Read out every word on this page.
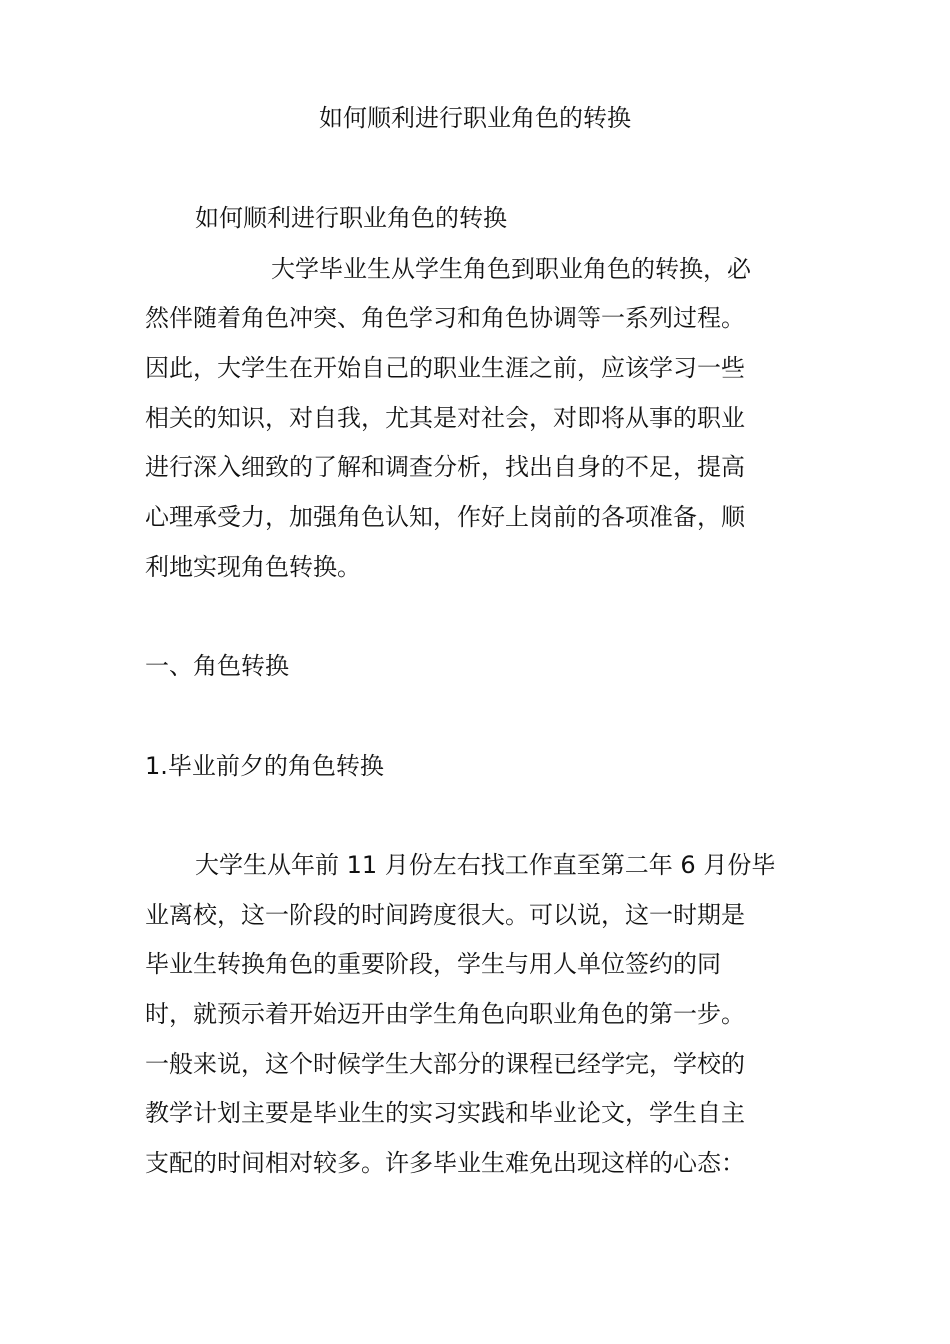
如何顺利进行职业角色的转换

如何顺利进行职业角色的转换

大学毕业生从学生角色到职业角色的转换，必

然伴随着角色冲突、角色学习和角色协调等一系列过程。

因此，大学生在开始自己的职业生涯之前，应该学习一些

相关的知识，对自我，尤其是对社会，对即将从事的职业

进行深入细致的了解和调查分析，找出自身的不足，提高

心理承受力，加强角色认知，作好上岗前的各项准备，顺

利地实现角色转换。

一、角色转换

1.毕业前夕的角色转换

大学生从年前 11 月份左右找工作直至第二年 6 月份毕

业离校，这一阶段的时间跨度很大。可以说，这一时期是

毕业生转换角色的重要阶段，学生与用人单位签约的同

时，就预示着开始迈开由学生角色向职业角色的第一步。

一般来说，这个时候学生大部分的课程已经学完，学校的

教学计划主要是毕业生的实习实践和毕业论文，学生自主

支配的时间相对较多。许多毕业生难免出现这样的心态：
